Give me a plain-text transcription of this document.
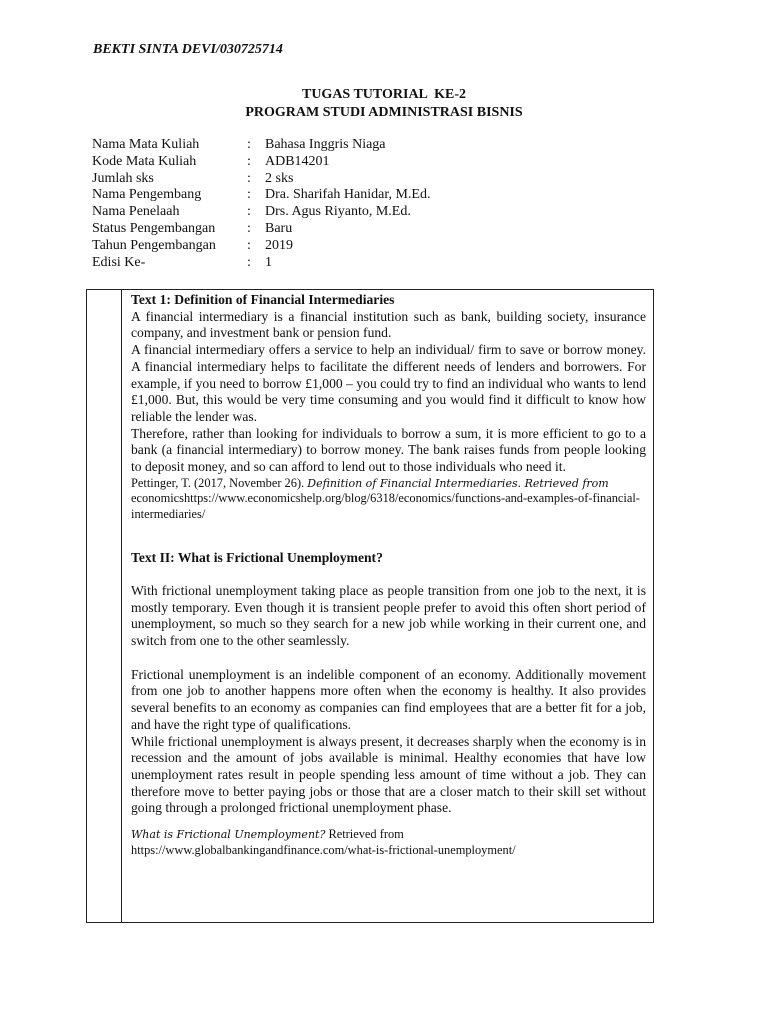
BEKTI SINTA DEVI/030725714
TUGAS TUTORIAL  KE-2
PROGRAM STUDI ADMINISTRASI BISNIS
Nama Mata Kuliah	:	Bahasa Inggris Niaga
Kode Mata Kuliah	:	ADB14201
Jumlah sks	:	2 sks
Nama Pengembang	:	Dra. Sharifah Hanidar, M.Ed.
Nama Penelaah	:	Drs. Agus Riyanto, M.Ed.
Status Pengembangan	:	Baru
Tahun Pengembangan	:	2019
Edisi Ke-	:	1

Text 1: Definition of Financial Intermediaries

A financial intermediary is a financial institution such as bank, building society, insurance company, and investment bank or pension fund.

A financial intermediary offers a service to help an individual/ firm to save or borrow money. A financial intermediary helps to facilitate the different needs of lenders and borrowers. For example, if you need to borrow £1,000 – you could try to find an individual who wants to lend £1,000. But, this would be very time consuming and you would find it difficult to know how reliable the lender was.

Therefore, rather than looking for individuals to borrow a sum, it is more efficient to go to a bank (a financial intermediary) to borrow money. The bank raises funds from people looking to deposit money, and so can afford to lend out to those individuals who need it.

Pettinger, T. (2017, November 26). Definition of Financial Intermediaries. Retrieved from economicshttps://www.economicshelp.org/blog/6318/economics/functions-and-examples-of-financial-intermediaries/

Text II: What is Frictional Unemployment?

With frictional unemployment taking place as people transition from one job to the next, it is mostly temporary. Even though it is transient people prefer to avoid this often short period of unemployment, so much so they search for a new job while working in their current one, and switch from one to the other seamlessly.

Frictional unemployment is an indelible component of an economy. Additionally movement from one job to another happens more often when the economy is healthy. It also provides several benefits to an economy as companies can find employees that are a better fit for a job, and have the right type of qualifications.

While frictional unemployment is always present, it decreases sharply when the economy is in recession and the amount of jobs available is minimal. Healthy economies that have low unemployment rates result in people spending less amount of time without a job. They can therefore move to better paying jobs or those that are a closer match to their skill set without going through a prolonged frictional unemployment phase.

What is Frictional Unemployment? Retrieved from https://www.globalbankingandfinance.com/what-is-frictional-unemployment/
